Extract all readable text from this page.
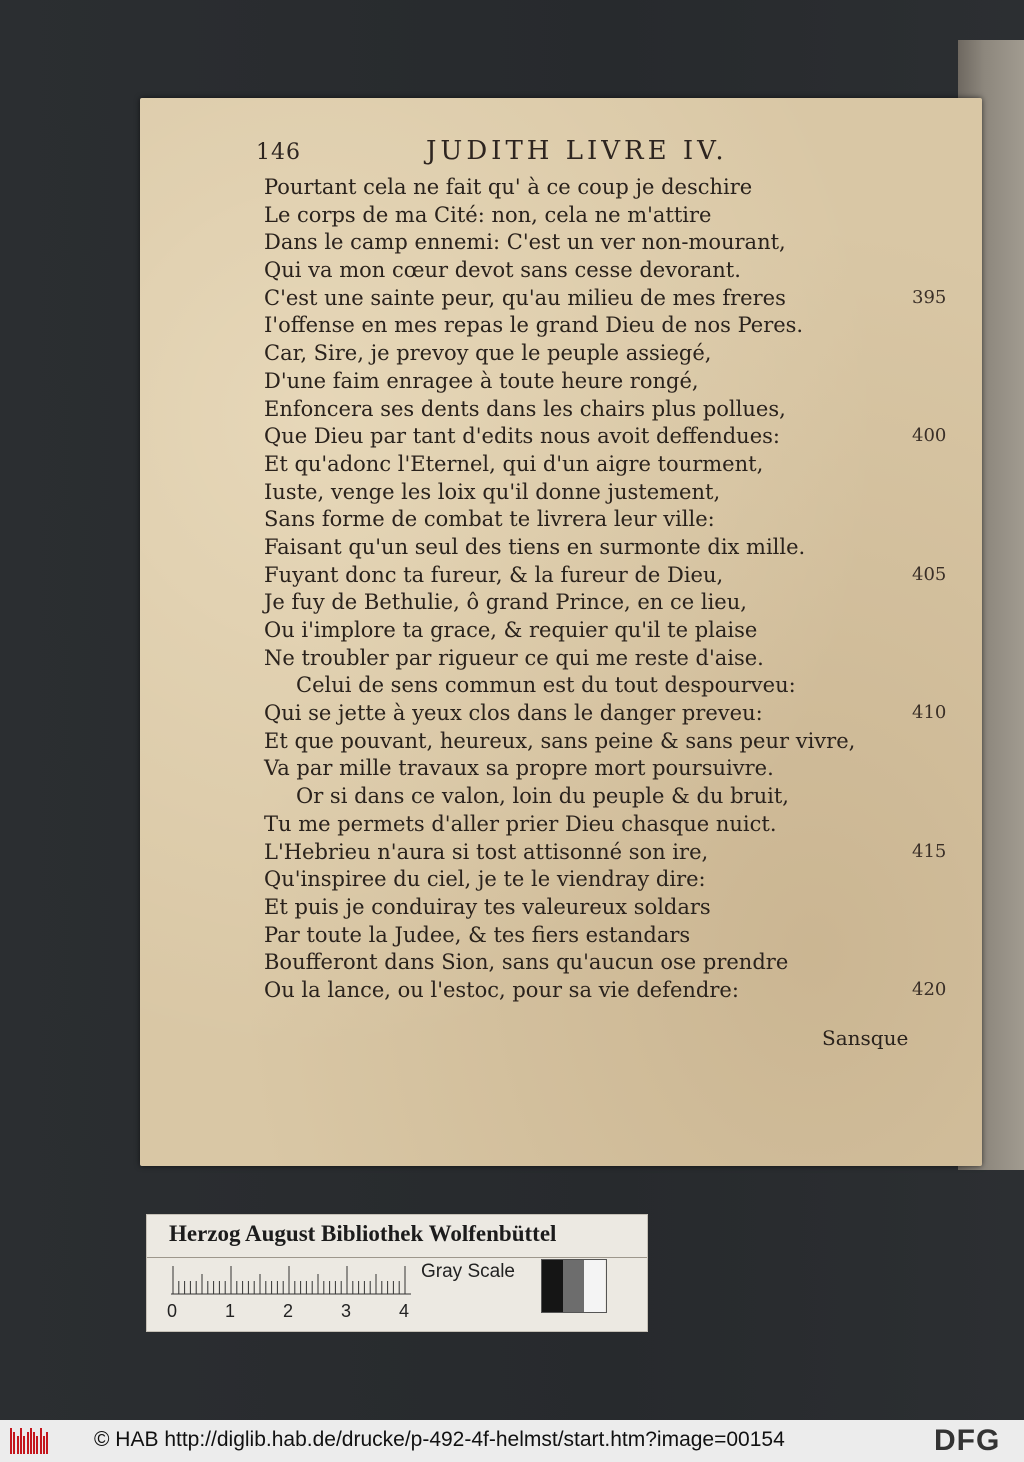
146	JUDITH LIVRE IV.
Pourtant cela ne fait qu' à ce coup je deschire
Le corps de ma Cité: non, cela ne m'attire
Dans le camp ennemi: C'est un ver non-mourant,
Qui va mon cœur devot sans cesse devorant.
C'est une sainte peur, qu'au milieu de mes freres
I'offense en mes repas le grand Dieu de nos Peres.
Car, Sire, je prevoy que le peuple assiegé,
D'une faim enragee à toute heure rongé,
Enfoncera ses dents dans les chairs plus pollues,
Que Dieu par tant d'edits nous avoit deffendues:
Et qu'adonc l'Eternel, qui d'un aigre tourment,
Iuste, venge les loix qu'il donne justement,
Sans forme de combat te livrera leur ville:
Faisant qu'un seul des tiens en surmonte dix mille.
Fuyant donc ta fureur, & la fureur de Dieu,
Je fuy de Bethulie, ô grand Prince, en ce lieu,
Ou i'implore ta grace, & requier qu'il te plaise
Ne troubler par rigueur ce qui me reste d'aise.
Celui de sens commun est du tout despourveu:
Qui se jette à yeux clos dans le danger preveu:
Et que pouvant, heureux, sans peine & sans peur vivre,
Va par mille travaux sa propre mort poursuivre.
Or si dans ce valon, loin du peuple & du bruit,
Tu me permets d'aller prier Dieu chasque nuict.
L'Hebrieu n'aura si tost attisonné son ire,
Qu'inspiree du ciel, je te le viendray dire:
Et puis je conduiray tes valeureux soldars
Par toute la Judee, & tes fiers estandars
Boufferont dans Sion, sans qu'aucun ose prendre
Ou la lance, ou l'estoc, pour sa vie defendre:
395
400
405
410
415
420
Sansque
Herzog August Bibliothek Wolfenbüttel
0	1	2	3	4
Gray Scale
© HAB http://diglib.hab.de/drucke/p-492-4f-helmst/start.htm?image=00154	DFG
